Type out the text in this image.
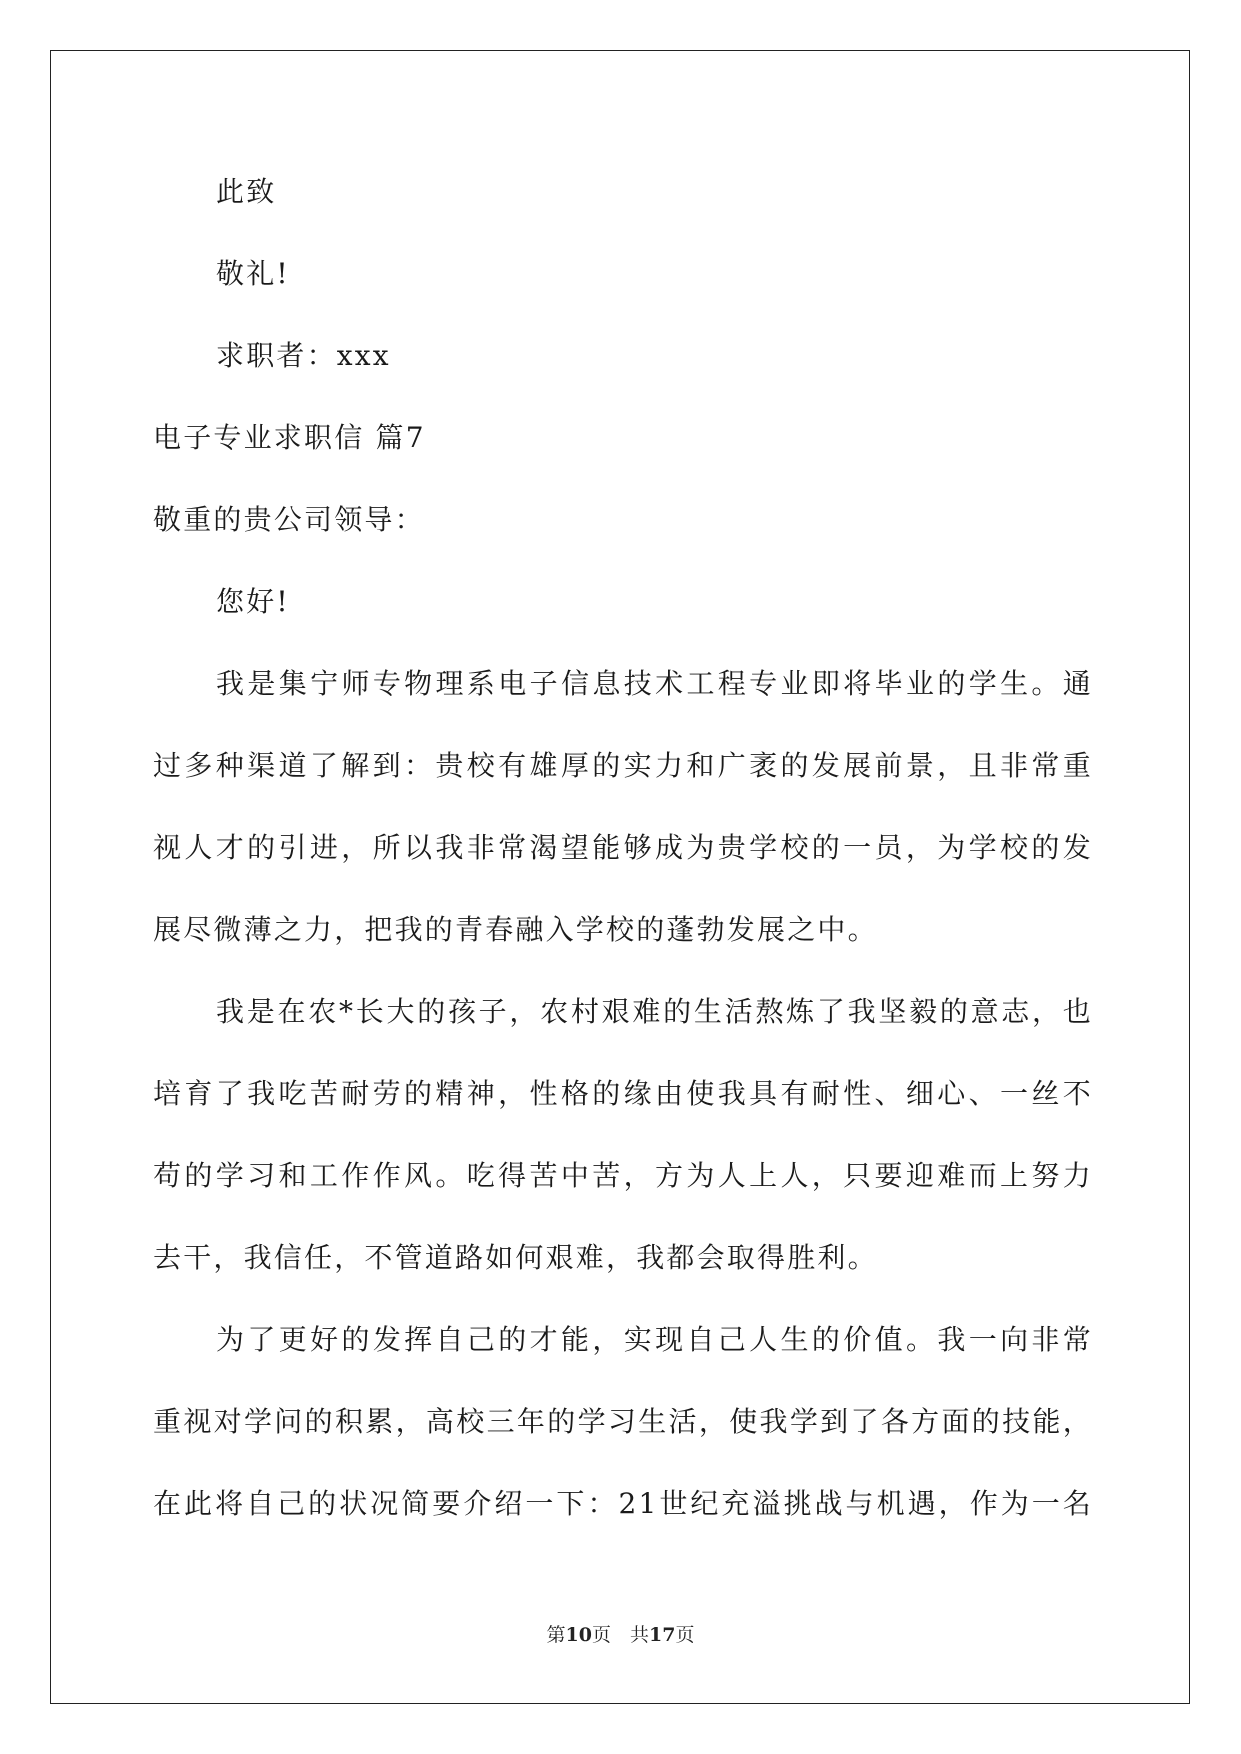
此致
敬礼!
求职者：xxx
电子专业求职信 篇7
敬重的贵公司领导：
您好!
我是集宁师专物理系电子信息技术工程专业即将毕业的学生。通
过多种渠道了解到：贵校有雄厚的实力和广袤的发展前景，且非常重
视人才的引进，所以我非常渴望能够成为贵学校的一员，为学校的发
展尽微薄之力，把我的青春融入学校的蓬勃发展之中。
我是在农*长大的孩子，农村艰难的生活熬炼了我坚毅的意志，也
培育了我吃苦耐劳的精神，性格的缘由使我具有耐性、细心、一丝不
苟的学习和工作作风。吃得苦中苦，方为人上人，只要迎难而上努力
去干，我信任，不管道路如何艰难，我都会取得胜利。
为了更好的发挥自己的才能，实现自己人生的价值。我一向非常
重视对学问的积累，高校三年的学习生活，使我学到了各方面的技能，
在此将自己的状况简要介绍一下：21世纪充溢挑战与机遇，作为一名
第10页　共17页
